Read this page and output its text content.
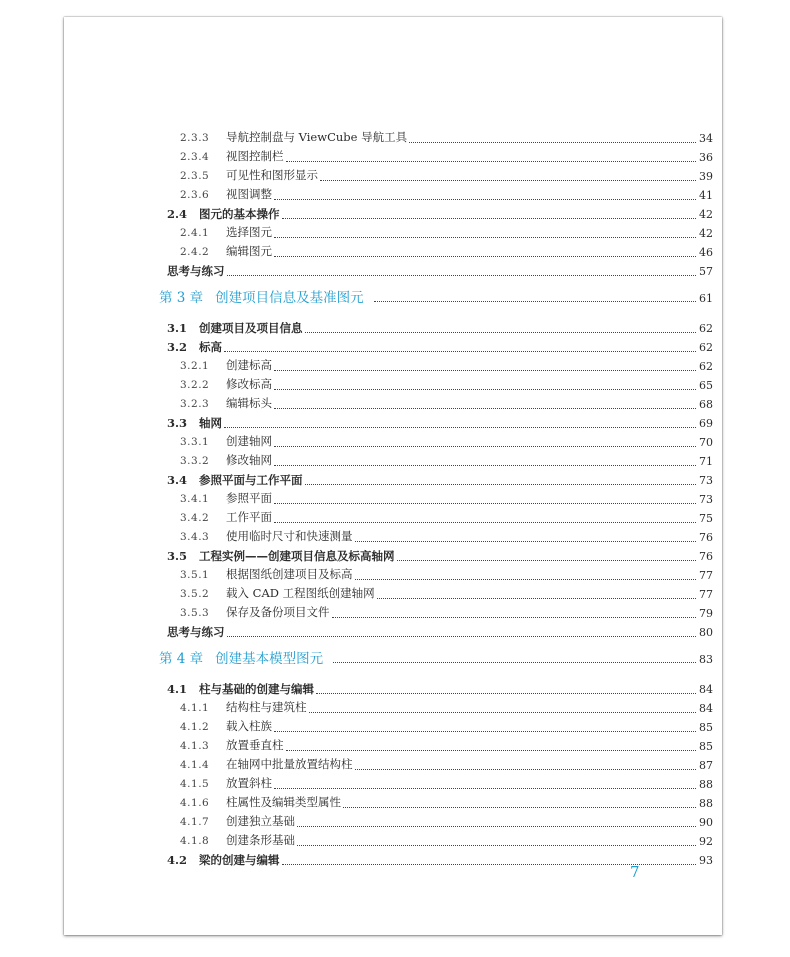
2.3.3 导航控制盘与 ViewCube 导航工具	34
2.3.4 视图控制栏	36
2.3.5 可见性和图形显示	39
2.3.6 视图调整	41
2.4 图元的基本操作	42
2.4.1 选择图元	42
2.4.2 编辑图元	46
思考与练习	57
第 3 章 创建项目信息及基准图元	61
3.1 创建项目及项目信息	62
3.2 标高	62
3.2.1 创建标高	62
3.2.2 修改标高	65
3.2.3 编辑标头	68
3.3 轴网	69
3.3.1 创建轴网	70
3.3.2 修改轴网	71
3.4 参照平面与工作平面	73
3.4.1 参照平面	73
3.4.2 工作平面	75
3.4.3 使用临时尺寸和快速测量	76
3.5 工程实例——创建项目信息及标高轴网	76
3.5.1 根据图纸创建项目及标高	77
3.5.2 载入 CAD 工程图纸创建轴网	77
3.5.3 保存及备份项目文件	79
思考与练习	80
第 4 章 创建基本模型图元	83
4.1 柱与基础的创建与编辑	84
4.1.1 结构柱与建筑柱	84
4.1.2 载入柱族	85
4.1.3 放置垂直柱	85
4.1.4 在轴网中批量放置结构柱	87
4.1.5 放置斜柱	88
4.1.6 柱属性及编辑类型属性	88
4.1.7 创建独立基础	90
4.1.8 创建条形基础	92
4.2 梁的创建与编辑	93
7
